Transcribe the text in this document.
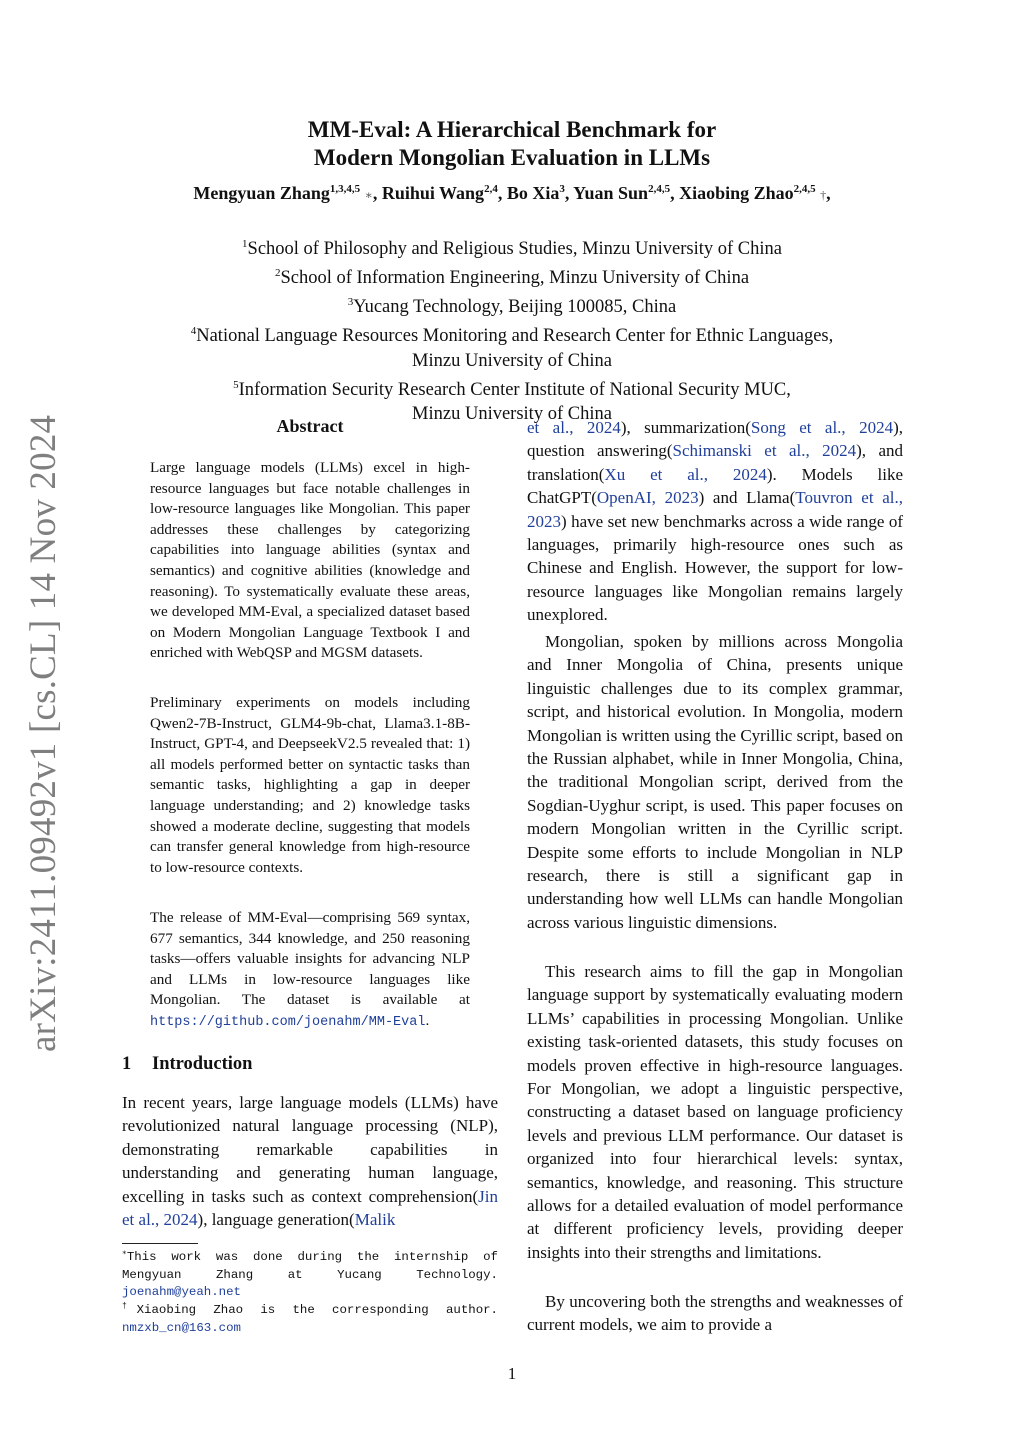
arXiv:2411.09492v1 [cs.CL] 14 Nov 2024
MM-Eval: A Hierarchical Benchmark for
Modern Mongolian Evaluation in LLMs
Mengyuan Zhang$^{1,3,4,5}$ ∗, Ruihui Wang$^{2,4}$, Bo Xia$^3$, Yuan Sun$^{2,4,5}$, Xiaobing Zhao$^{2,4,5}$ †,
$^1$School of Philosophy and Religious Studies, Minzu University of China
$^2$School of Information Engineering, Minzu University of China
$^3$Yucang Technology, Beijing 100085, China
$^4$National Language Resources Monitoring and Research Center for Ethnic Languages,
Minzu University of China
$^5$Information Security Research Center Institute of National Security MUC,
Minzu University of China
Abstract

Large language models (LLMs) excel in high-resource languages but face notable challenges in low-resource languages like Mongolian. This paper addresses these challenges by categorizing capabilities into language abilities (syntax and semantics) and cognitive abilities (knowledge and reasoning). To systematically evaluate these areas, we developed MM-Eval, a specialized dataset based on Modern Mongolian Language Textbook I and enriched with WebQSP and MGSM datasets.

Preliminary experiments on models including Qwen2-7B-Instruct, GLM4-9b-chat, Llama3.1-8B-Instruct, GPT-4, and DeepseekV2.5 revealed that: 1) all models performed better on syntactic tasks than semantic tasks, highlighting a gap in deeper language understanding; and 2) knowledge tasks showed a moderate decline, suggesting that models can transfer general knowledge from high-resource to low-resource contexts.

The release of MM-Eval—comprising 569 syntax, 677 semantics, 344 knowledge, and 250 reasoning tasks—offers valuable insights for advancing NLP and LLMs in low-resource languages like Mongolian. The dataset is available at https://github.com/joenahm/MM-Eval.

1 Introduction

In recent years, large language models (LLMs) have revolutionized natural language processing (NLP), demonstrating remarkable capabilities in understanding and generating human language, excelling in tasks such as context comprehension(Jin et al., 2024), language generation(Malik

∗This work was done during the internship of Mengyuan Zhang at Yucang Technology. joenahm@yeah.net

†Xiaobing Zhao is the corresponding author. nmzxb_cn@163.com

et al., 2024), summarization(Song et al., 2024), question answering(Schimanski et al., 2024), and translation(Xu et al., 2024). Models like ChatGPT(OpenAI, 2023) and Llama(Touvron et al., 2023) have set new benchmarks across a wide range of languages, primarily high-resource ones such as Chinese and English. However, the support for low-resource languages like Mongolian remains largely unexplored.

Mongolian, spoken by millions across Mongolia and Inner Mongolia of China, presents unique linguistic challenges due to its complex grammar, script, and historical evolution. In Mongolia, modern Mongolian is written using the Cyrillic script, based on the Russian alphabet, while in Inner Mongolia, China, the traditional Mongolian script, derived from the Sogdian-Uyghur script, is used. This paper focuses on modern Mongolian written in the Cyrillic script. Despite some efforts to include Mongolian in NLP research, there is still a significant gap in understanding how well LLMs can handle Mongolian across various linguistic dimensions.

This research aims to fill the gap in Mongolian language support by systematically evaluating modern LLMs’ capabilities in processing Mongolian. Unlike existing task-oriented datasets, this study focuses on models proven effective in high-resource languages. For Mongolian, we adopt a linguistic perspective, constructing a dataset based on language proficiency levels and previous LLM performance. Our dataset is organized into four hierarchical levels: syntax, semantics, knowledge, and reasoning. This structure allows for a detailed evaluation of model performance at different proficiency levels, providing deeper insights into their strengths and limitations.

By uncovering both the strengths and weaknesses of current models, we aim to provide a

1
